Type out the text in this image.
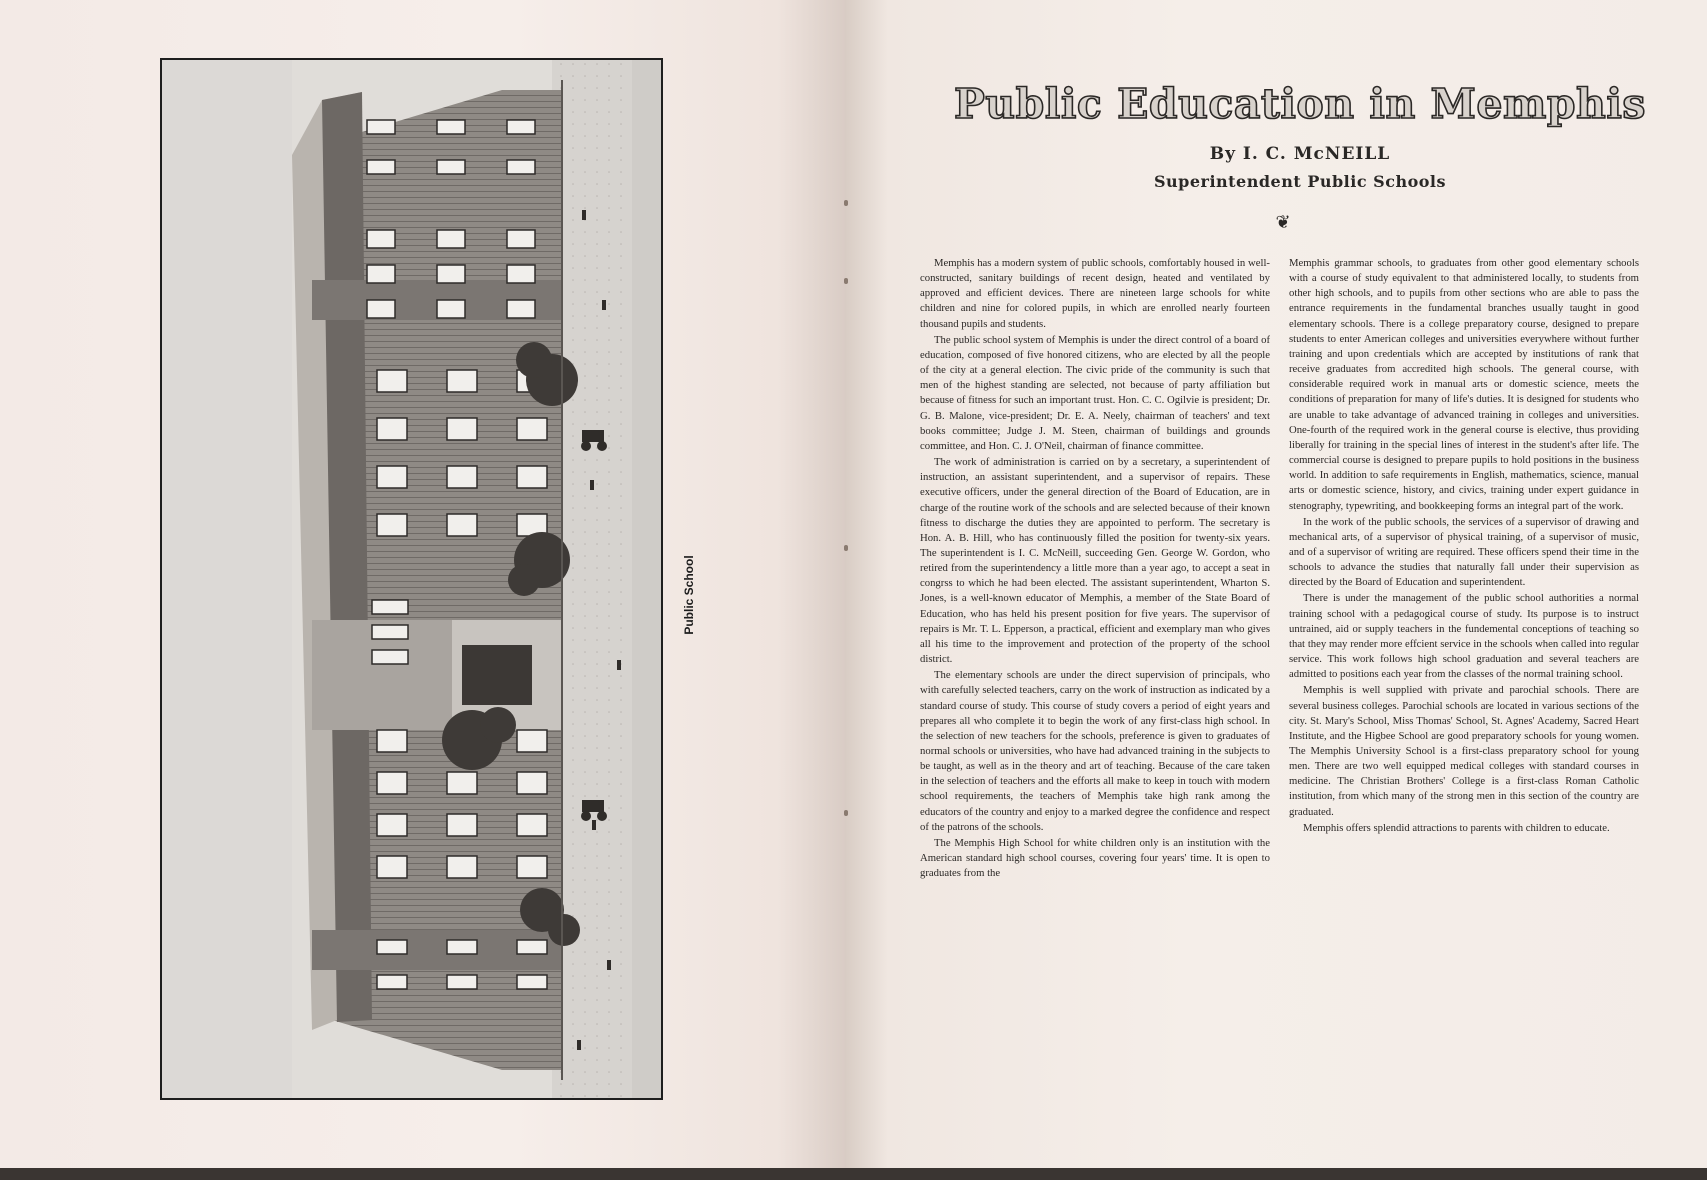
Public School
Public Education in Memphis
By I. C. McNEILL
Superintendent Public Schools
❦

Memphis has a modern system of public schools, comfortably housed in well-constructed, sanitary buildings of recent design, heated and ventilated by approved and efficient devices. There are nineteen large schools for white children and nine for colored pupils, in which are enrolled nearly fourteen thousand pupils and students.

The public school system of Memphis is under the direct control of a board of education, composed of five honored citizens, who are elected by all the people of the city at a general election. The civic pride of the community is such that men of the highest standing are selected, not because of party affiliation but because of fitness for such an important trust. Hon. C. C. Ogilvie is president; Dr. G. B. Malone, vice-president; Dr. E. A. Neely, chairman of teachers' and text books committee; Judge J. M. Steen, chairman of buildings and grounds committee, and Hon. C. J. O'Neil, chairman of finance committee.

The work of administration is carried on by a secretary, a superintendent of instruction, an assistant superintendent, and a supervisor of repairs. These executive officers, under the general direction of the Board of Education, are in charge of the routine work of the schools and are selected because of their known fitness to discharge the duties they are appointed to perform. The secretary is Hon. A. B. Hill, who has continuously filled the position for twenty-six years. The superintendent is I. C. McNeill, succeeding Gen. George W. Gordon, who retired from the superintendency a little more than a year ago, to accept a seat in congrss to which he had been elected. The assistant superintendent, Wharton S. Jones, is a well-known educator of Memphis, a member of the State Board of Education, who has held his present position for five years. The supervisor of repairs is Mr. T. L. Epperson, a practical, efficient and exemplary man who gives all his time to the improvement and protection of the property of the school district.

The elementary schools are under the direct supervision of principals, who with carefully selected teachers, carry on the work of instruction as indicated by a standard course of study. This course of study covers a period of eight years and prepares all who complete it to begin the work of any first-class high school. In the selection of new teachers for the schools, preference is given to graduates of normal schools or universities, who have had advanced training in the subjects to be taught, as well as in the theory and art of teaching. Because of the care taken in the selection of teachers and the efforts all make to keep in touch with modern school requirements, the teachers of Memphis take high rank among the educators of the country and enjoy to a marked degree the confidence and respect of the patrons of the schools.

The Memphis High School for white children only is an institution with the American standard high school courses, covering four years' time. It is open to graduates from the

Memphis grammar schools, to graduates from other good elementary schools with a course of study equivalent to that administered locally, to students from other high schools, and to pupils from other sections who are able to pass the entrance requirements in the fundamental branches usually taught in good elementary schools. There is a college preparatory course, designed to prepare students to enter American colleges and universities everywhere without further training and upon credentials which are accepted by institutions of rank that receive graduates from accredited high schools. The general course, with considerable required work in manual arts or domestic science, meets the conditions of preparation for many of life's duties. It is designed for students who are unable to take advantage of advanced training in colleges and universities. One-fourth of the required work in the general course is elective, thus providing liberally for training in the special lines of interest in the student's after life. The commercial course is designed to prepare pupils to hold positions in the business world. In addition to safe requirements in English, mathematics, science, manual arts or domestic science, history, and civics, training under expert guidance in stenography, typewriting, and bookkeeping forms an integral part of the work.

In the work of the public schools, the services of a supervisor of drawing and mechanical arts, of a supervisor of physical training, of a supervisor of music, and of a supervisor of writing are required. These officers spend their time in the schools to advance the studies that naturally fall under their supervision as directed by the Board of Education and superintendent.

There is under the management of the public school authorities a normal training school with a pedagogical course of study. Its purpose is to instruct untrained, aid or supply teachers in the fundemental conceptions of teaching so that they may render more effcient service in the schools when called into regular service. This work follows high school graduation and several teachers are admitted to positions each year from the classes of the normal training school.

Memphis is well supplied with private and parochial schools. There are several business colleges. Parochial schools are located in various sections of the city. St. Mary's School, Miss Thomas' School, St. Agnes' Academy, Sacred Heart Institute, and the Higbee School are good preparatory schools for young women. The Memphis University School is a first-class preparatory school for young men. There are two well equipped medical colleges with standard courses in medicine. The Christian Brothers' College is a first-class Roman Catholic institution, from which many of the strong men in this section of the country are graduated.

Memphis offers splendid attractions to parents with children to educate.
